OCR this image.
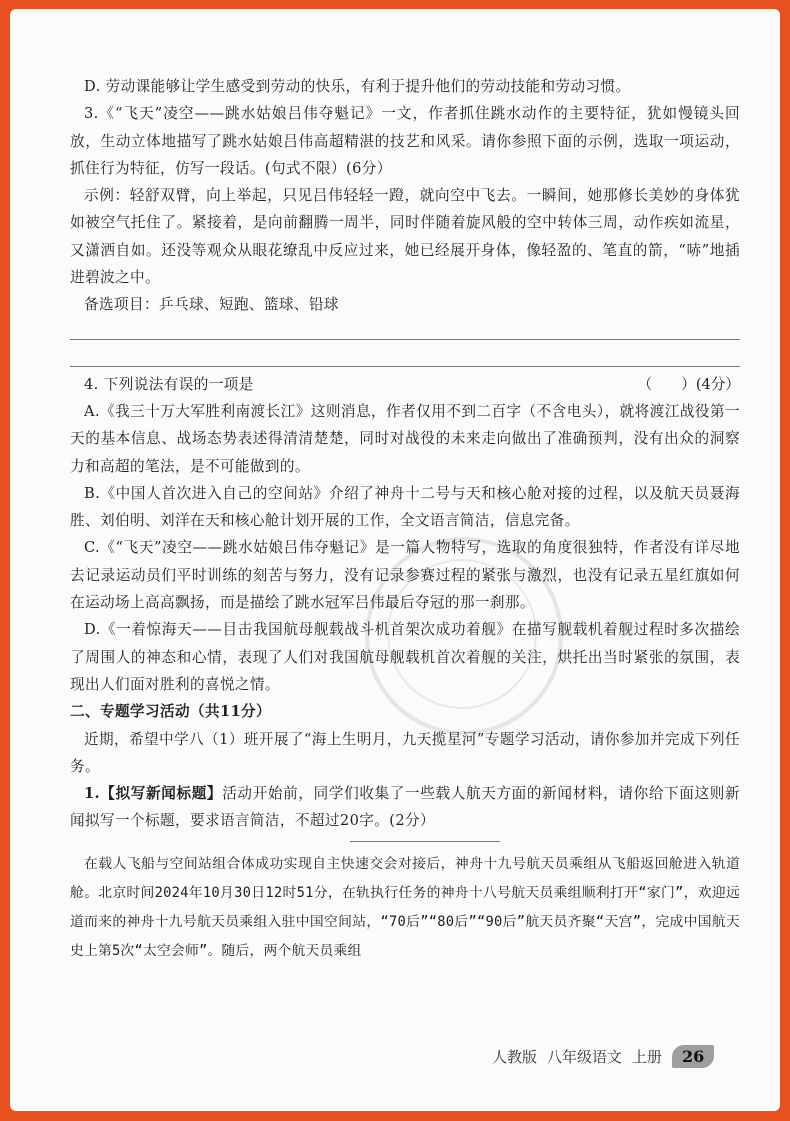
D. 劳动课能够让学生感受到劳动的快乐，有利于提升他们的劳动技能和劳动习惯。

3.《“飞天”凌空——跳水姑娘吕伟夺魁记》一文，作者抓住跳水动作的主要特征，犹如慢镜头回放，生动立体地描写了跳水姑娘吕伟高超精湛的技艺和风采。请你参照下面的示例，选取一项运动，抓住行为特征，仿写一段话。(句式不限）(6分）

示例：轻舒双臂，向上举起，只见吕伟轻轻一蹬，就向空中飞去。一瞬间，她那修长美妙的身体犹如被空气托住了。紧接着，是向前翻腾一周半，同时伴随着旋风般的空中转体三周，动作疾如流星，又潇洒自如。还没等观众从眼花缭乱中反应过来，她已经展开身体，像轻盈的、笔直的箭，“哧”地插进碧波之中。

备选项目：乒乓球、短跑、篮球、铅球

4. 下列说法有误的一项是	（　　）(4分）

A.《我三十万大军胜利南渡长江》这则消息，作者仅用不到二百字（不含电头），就将渡江战役第一天的基本信息、战场态势表述得清清楚楚，同时对战役的未来走向做出了准确预判，没有出众的洞察力和高超的笔法，是不可能做到的。

B.《中国人首次进入自己的空间站》介绍了神舟十二号与天和核心舱对接的过程，以及航天员聂海胜、刘伯明、刘洋在天和核心舱计划开展的工作，全文语言简洁，信息完备。

C.《“飞天”凌空——跳水姑娘吕伟夺魁记》是一篇人物特写，选取的角度很独特，作者没有详尽地去记录运动员们平时训练的刻苦与努力，没有记录参赛过程的紧张与激烈，也没有记录五星红旗如何在运动场上高高飘扬，而是描绘了跳水冠军吕伟最后夺冠的那一刹那。

D.《一着惊海天——目击我国航母舰载战斗机首架次成功着舰》在描写舰载机着舰过程时多次描绘了周围人的神态和心情，表现了人们对我国航母舰载机首次着舰的关注，烘托出当时紧张的氛围，表现出人们面对胜利的喜悦之情。

二、专题学习活动（共11分）

近期，希望中学八（1）班开展了“海上生明月，九天揽星河”专题学习活动，请你参加并完成下列任务。

1.【拟写新闻标题】活动开始前，同学们收集了一些载人航天方面的新闻材料，请你给下面这则新闻拟写一个标题，要求语言简洁，不超过20字。(2分）

在载人飞船与空间站组合体成功实现自主快速交会对接后，神舟十九号航天员乘组从飞船返回舱进入轨道舱。北京时间2024年10月30日12时51分，在轨执行任务的神舟十八号航天员乘组顺利打开“家门”，欢迎远道而来的神舟十九号航天员乘组入驻中国空间站，“70后”“80后”“90后”航天员齐聚“天宫”，完成中国航天史上第5次“太空会师”。随后，两个航天员乘组

人教版 八年级语文 上册	26
